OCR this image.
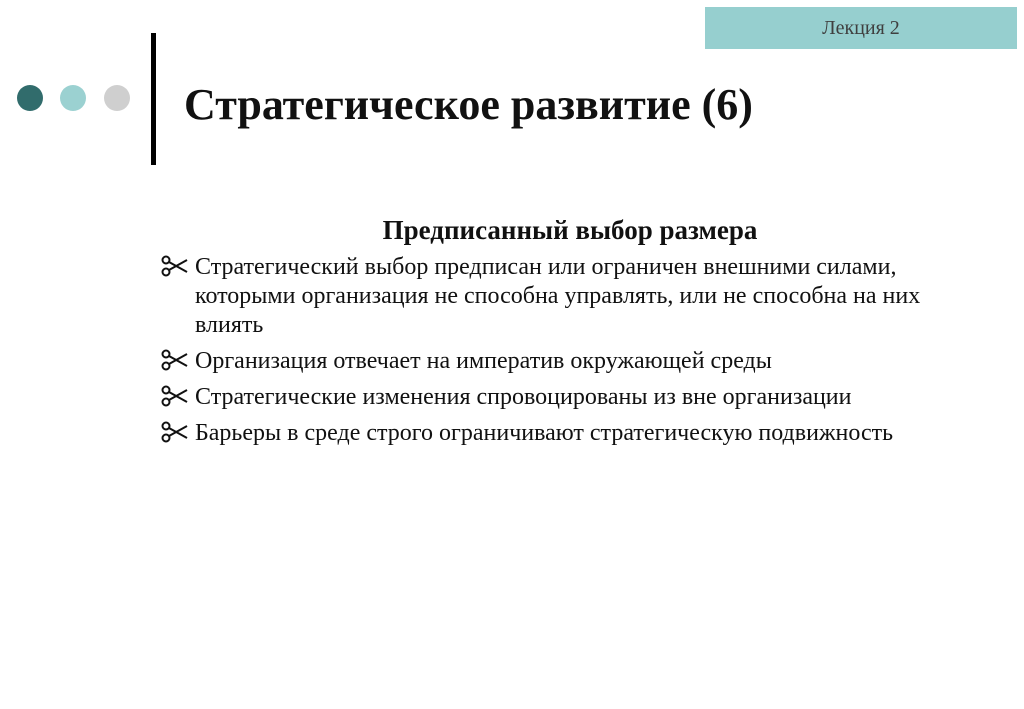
Лекция 2
Стратегическое развитие (6)
Предписанный выбор размера
Стратегический выбор предписан или ограничен внешними силами, которыми организация не способна управлять, или не способна на них влиять
Организация отвечает на императив окружающей среды
Стратегические изменения спровоцированы из вне организации
Барьеры в среде строго ограничивают стратегическую подвижность
